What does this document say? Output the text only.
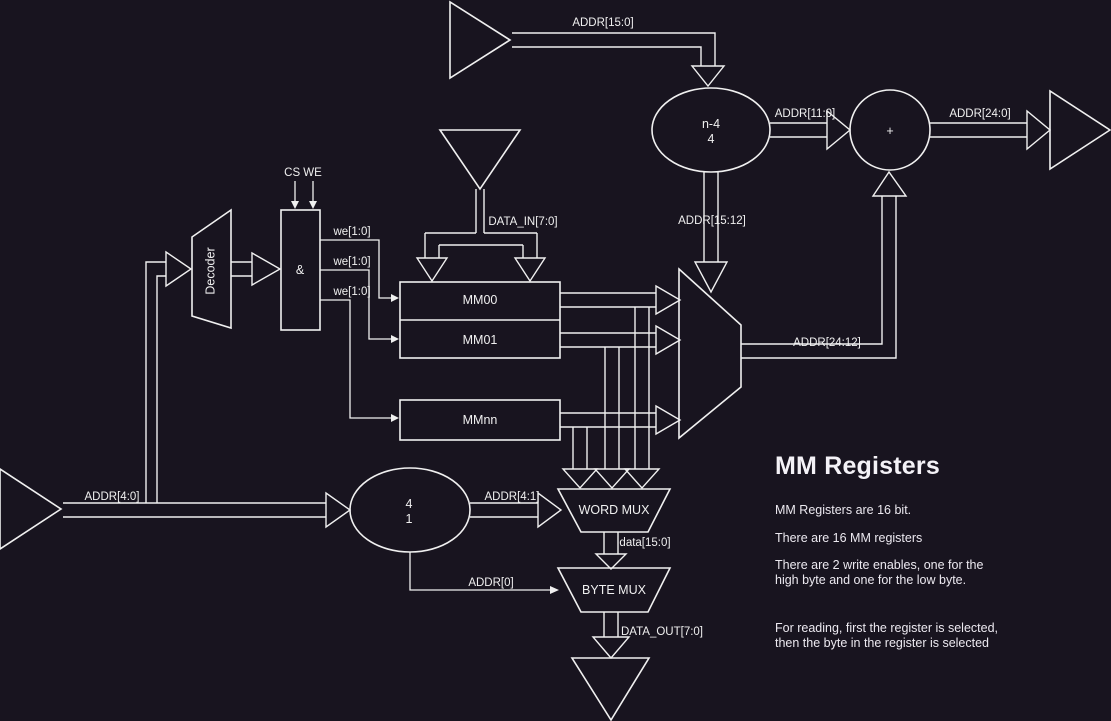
ADDR[15:0]
n-4
4
ADDR[11:0]
+
ADDR[24:0]
ADDR[15:12]
ADDR[24:12]
Decoder	&
CS WE
we[1:0]
we[1:0]
we[1:0]
DATA_IN[7:0]
MM00
MM01
MMnn
ADDR[4:0]	4
1
ADDR[4:1]
WORD MUX
data[15:0]
BYTE MUX
ADDR[0]
DATA_OUT[7:0]
MM Registers

MM Registers are 16 bit.

There are 16 MM registers

There are 2 write enables, one for the
high byte and one for the low byte.

For reading, first the register is selected,
then the byte in the register is selected
